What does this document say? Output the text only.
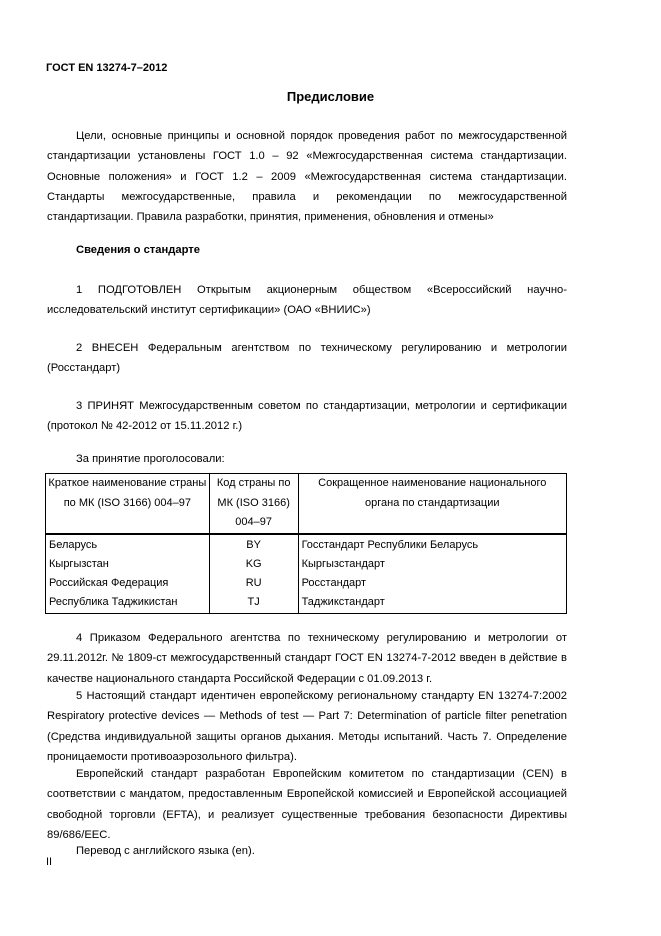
ГОСТ EN 13274-7–2012
Предисловие
Цели, основные принципы и основной порядок проведения работ по межгосударственной стандартизации установлены ГОСТ 1.0 – 92 «Межгосударственная система стандартизации. Основные положения» и ГОСТ 1.2 – 2009 «Межгосударственная система стандартизации. Стандарты межгосударственные, правила и рекомендации по межгосударственной стандартизации. Правила разработки, принятия, применения, обновления и отмены»
Сведения о стандарте
1 ПОДГОТОВЛЕН Открытым акционерным обществом «Всероссийский научно-исследовательский институт сертификации» (ОАО «ВНИИС»)
2 ВНЕСЕН Федеральным агентством по техническому регулированию и метрологии (Росстандарт)
3 ПРИНЯТ Межгосударственным советом по стандартизации, метрологии и сертификации (протокол № 42-2012 от 15.11.2012 г.)
За принятие проголосовали:
Краткое наименование страны по МК (ISO 3166) 004–97	Код страны по МК (ISO 3166) 004–97	Сокращенное наименование национального органа по стандартизации
Беларусь	BY	Госстандарт Республики Беларусь
Кыргызстан	KG	Кыргызстандарт
Российская Федерация	RU	Росстандарт
Республика Таджикистан	TJ	Таджикстандарт
4 Приказом Федерального агентства по техническому регулированию и метрологии от 29.11.2012г. № 1809-ст межгосударственный стандарт ГОСТ EN 13274-7-2012 введен в действие в качестве национального стандарта Российской Федерации с 01.09.2013 г.
5 Настоящий стандарт идентичен европейскому региональному стандарту EN 13274-7:2002 Respiratory protective devices — Methods of test — Part 7: Determination of particle filter penetration (Средства индивидуальной защиты органов дыхания. Методы испытаний. Часть 7. Определение проницаемости противоаэрозольного фильтра).
Европейский стандарт разработан Европейским комитетом по стандартизации (CEN) в соответствии с мандатом, предоставленным Европейской комиссией и Европейской ассоциацией свободной торговли (EFTA), и реализует существенные требования безопасности Директивы 89/686/EEC.
Перевод с английского языка (en).
II
